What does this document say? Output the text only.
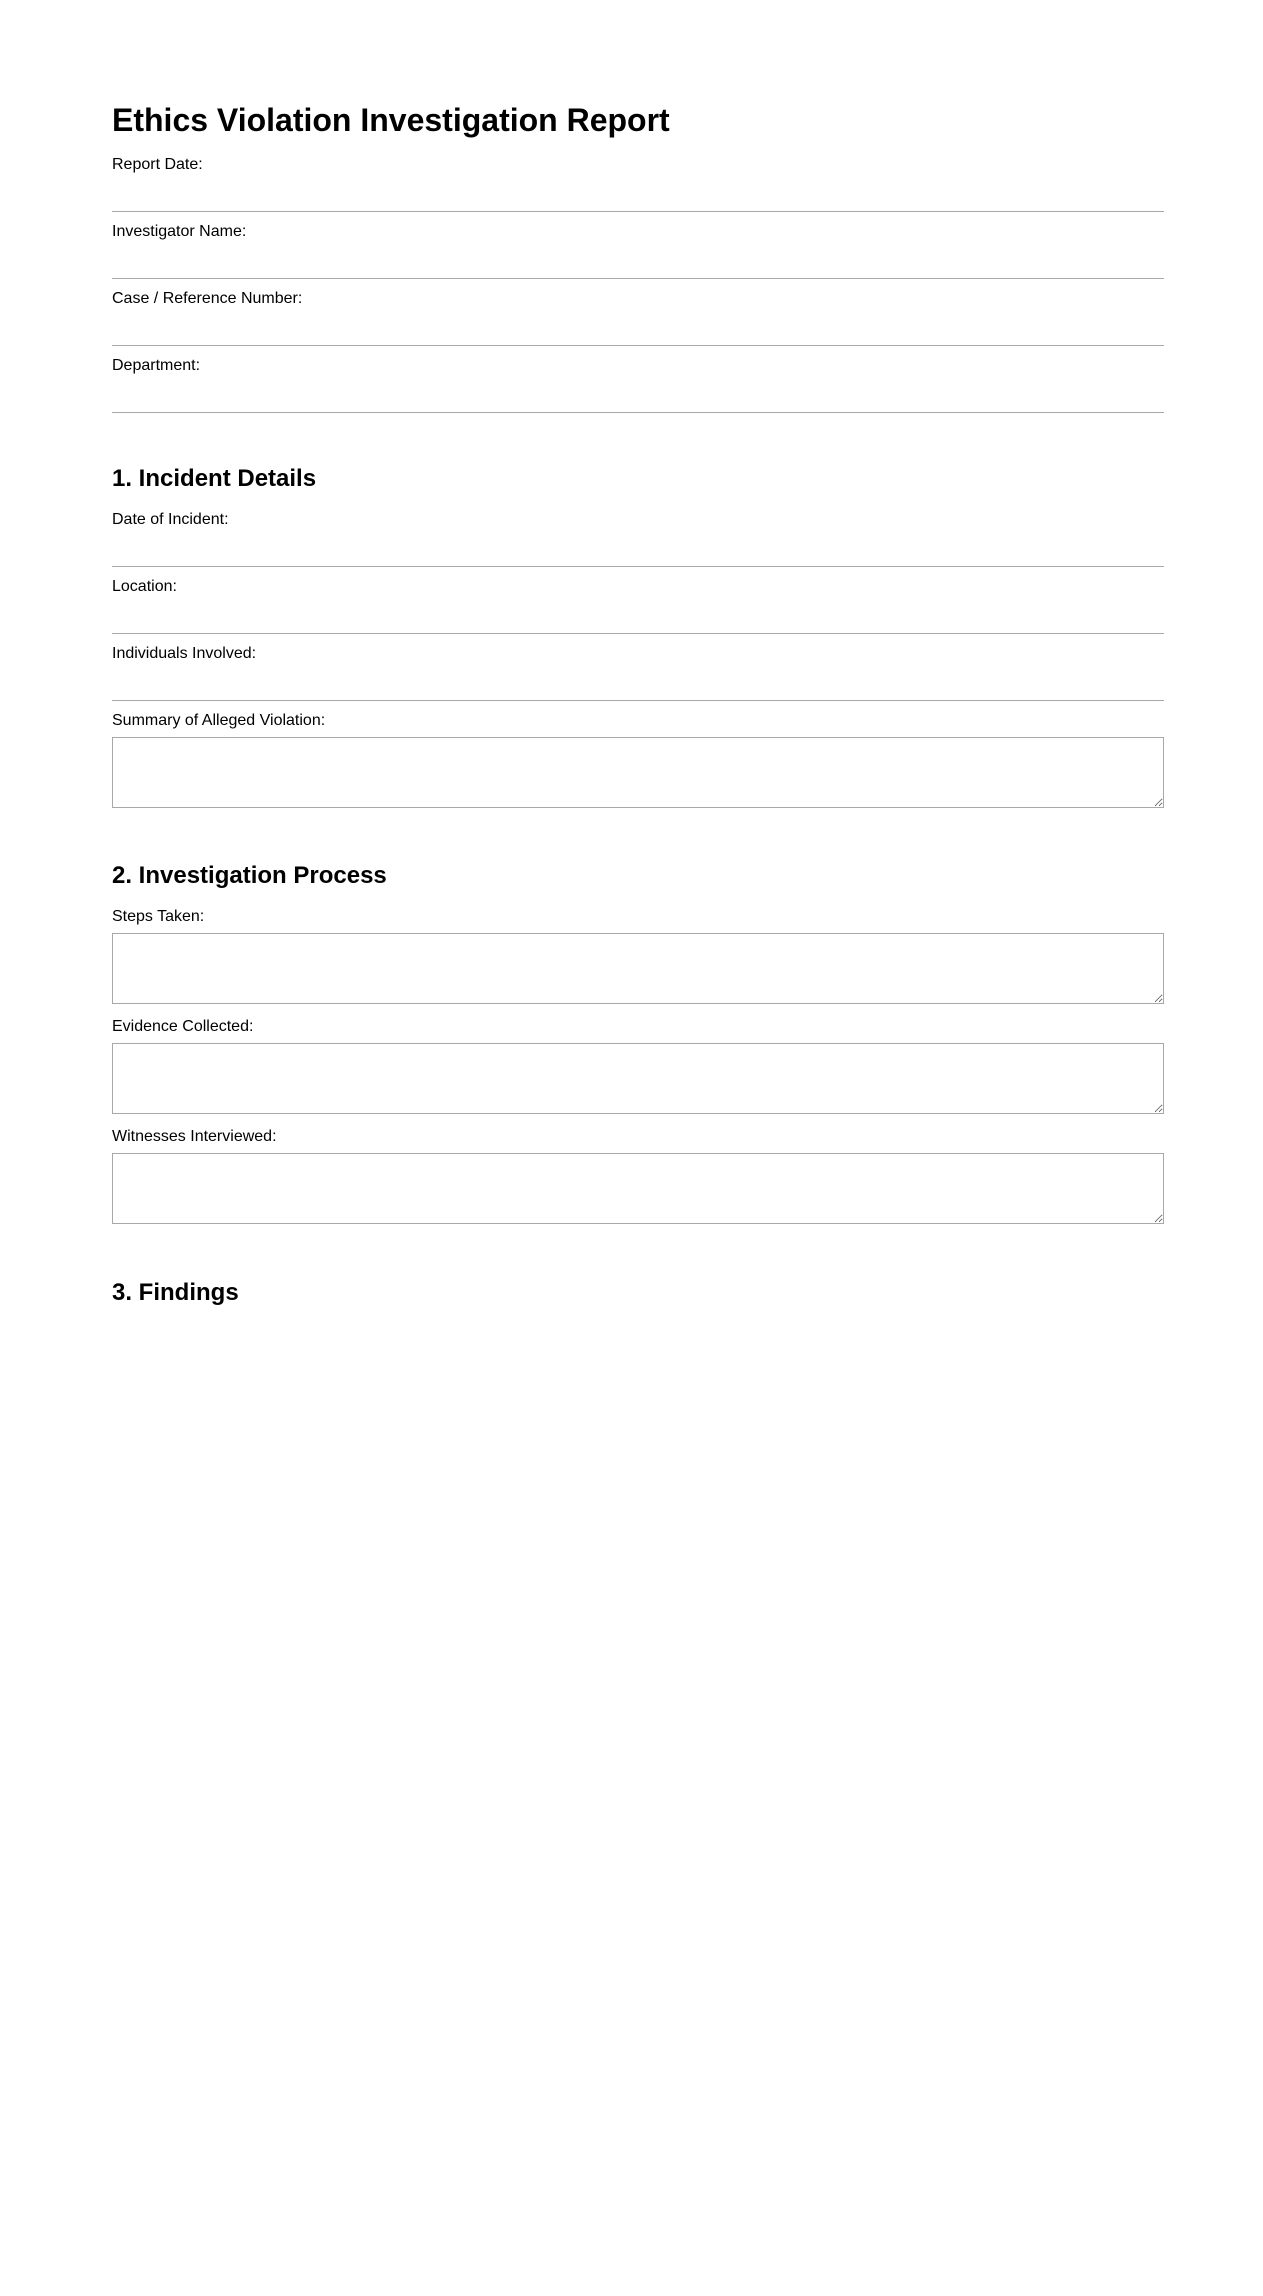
Ethics Violation Investigation Report
Report Date:
Investigator Name:
Case / Reference Number:
Department:
1. Incident Details
Date of Incident:
Location:
Individuals Involved:
Summary of Alleged Violation:
2. Investigation Process
Steps Taken:
Evidence Collected:
Witnesses Interviewed:
3. Findings
